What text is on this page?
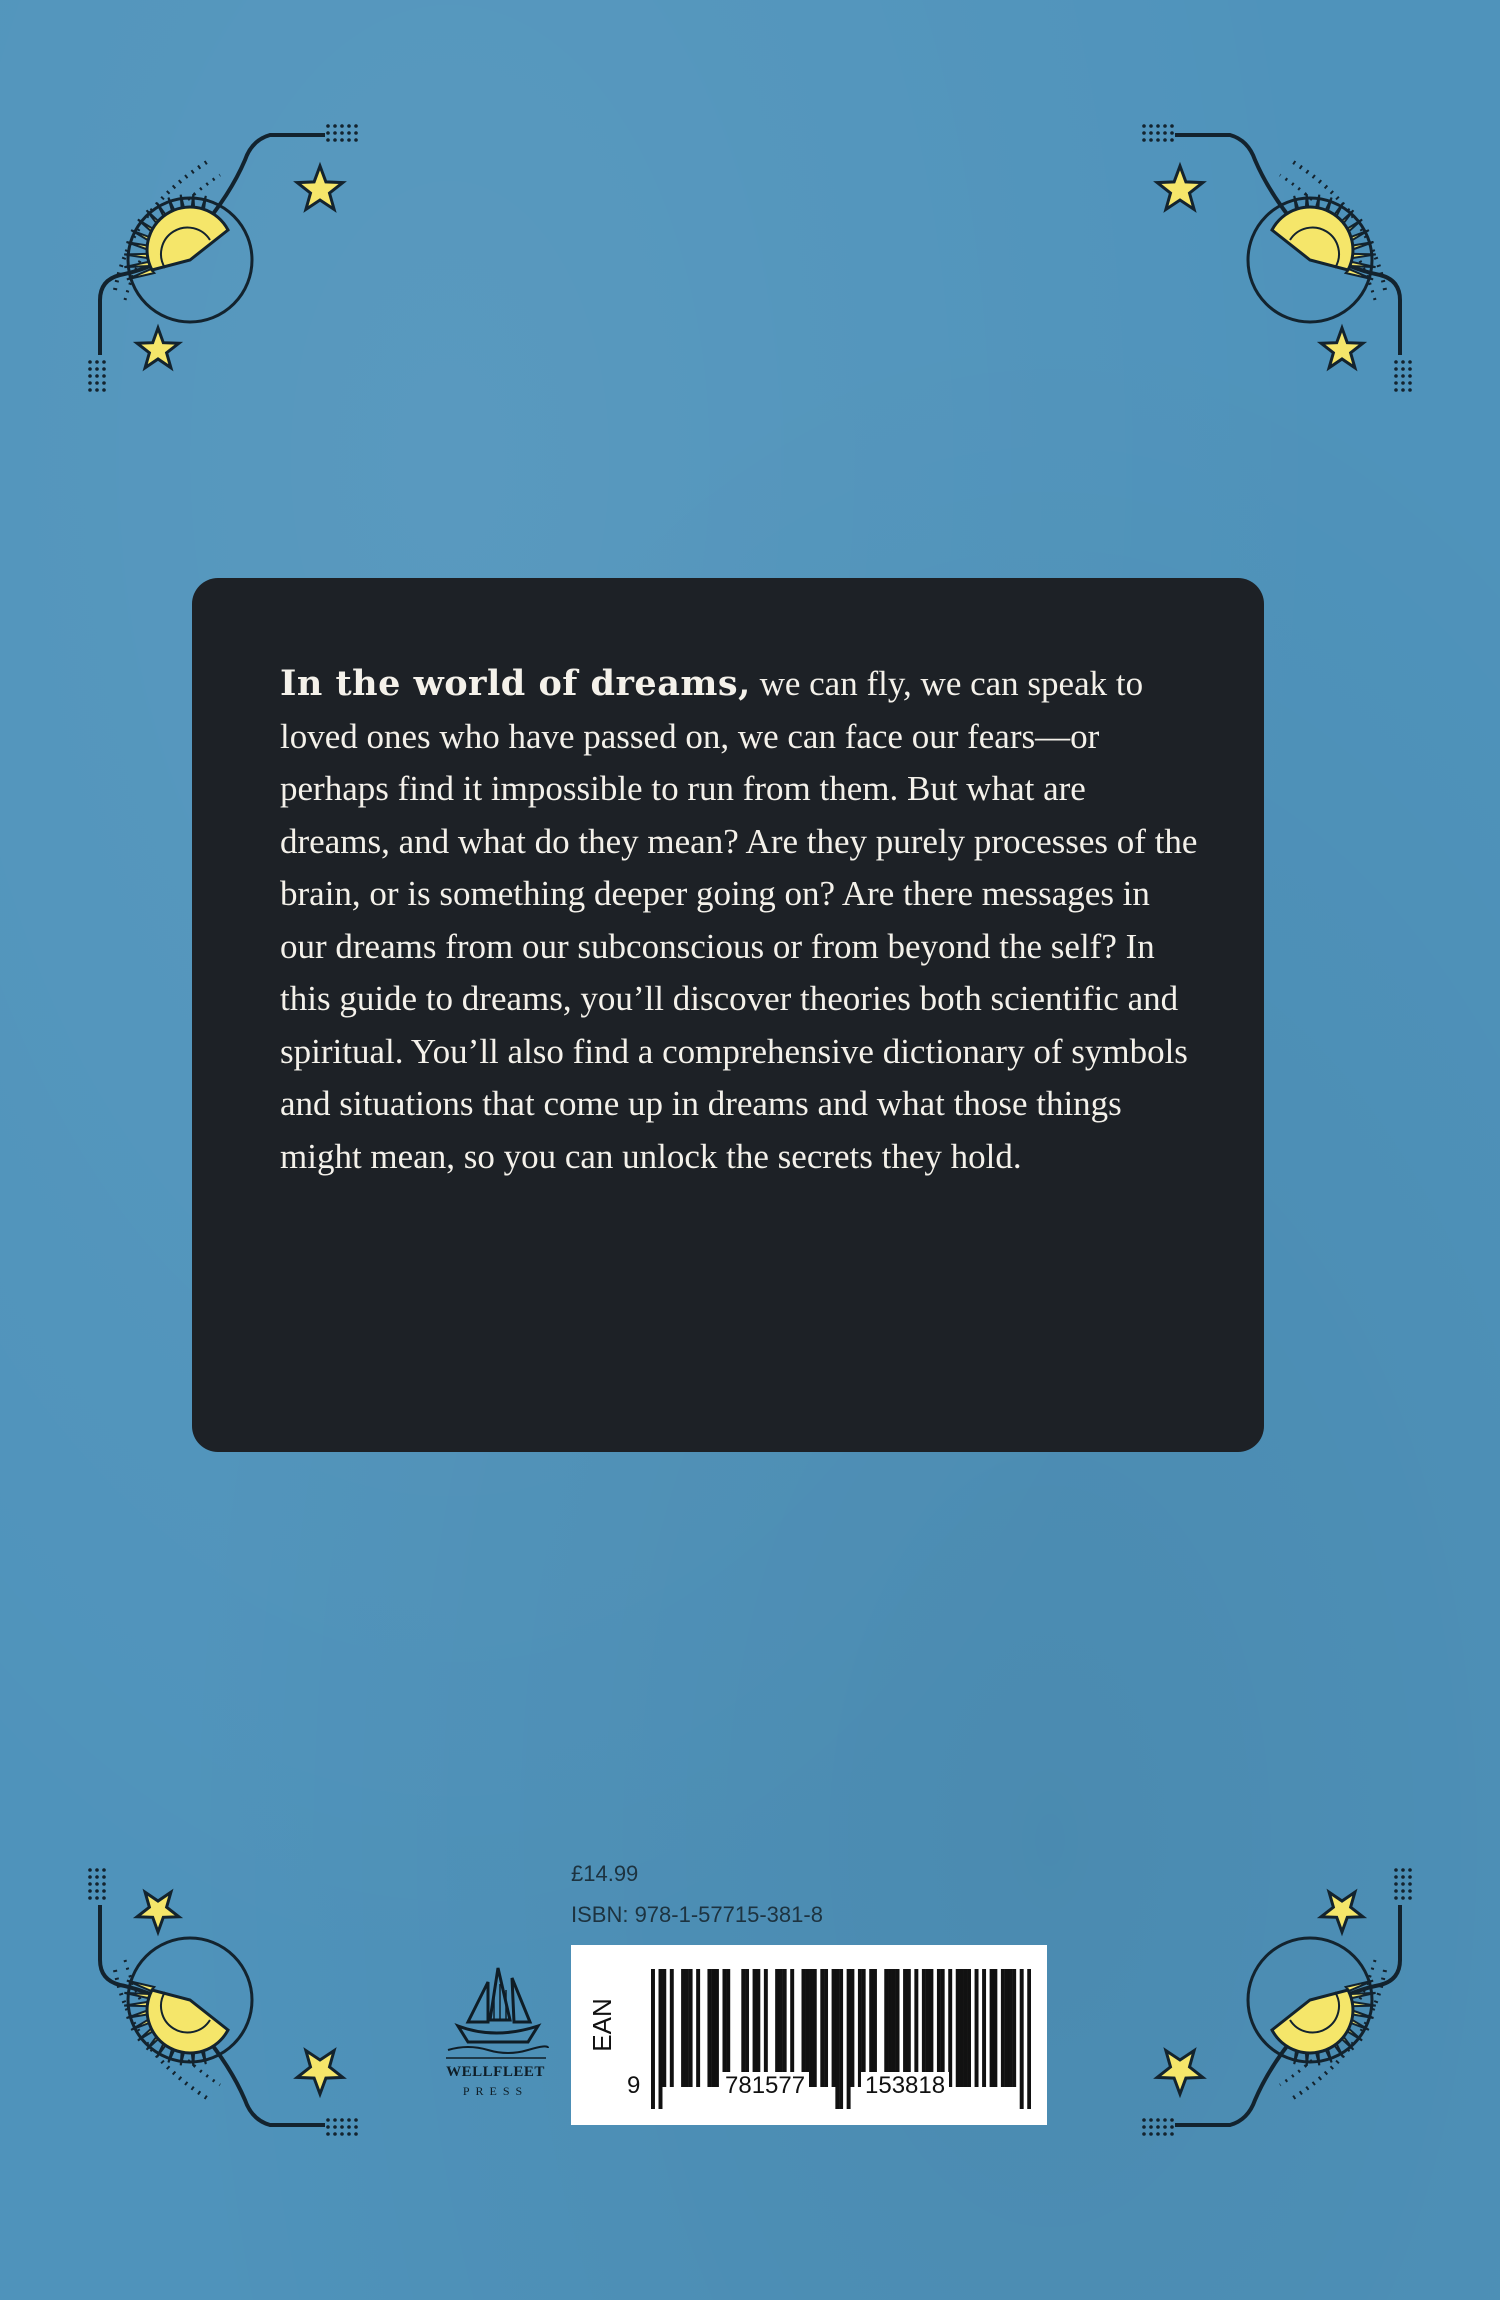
In the world of dreams, we can fly, we can speak to loved ones who have passed on, we can face our fears—or perhaps find it impossible to run from them. But what are dreams, and what do they mean? Are they purely processes of the brain, or is something deeper going on? Are there messages in our dreams from our subconscious or from beyond the self? In this guide to dreams, you’ll discover theories both scientific and spiritual. You’ll also find a comprehensive dictionary of symbols and situations that come up in dreams and what those things might mean, so you can unlock the secrets they hold.

£14.99
ISBN: 978-1-57715-381-8
WELLFLEET
PRESS
EAN
9	781577 153818
